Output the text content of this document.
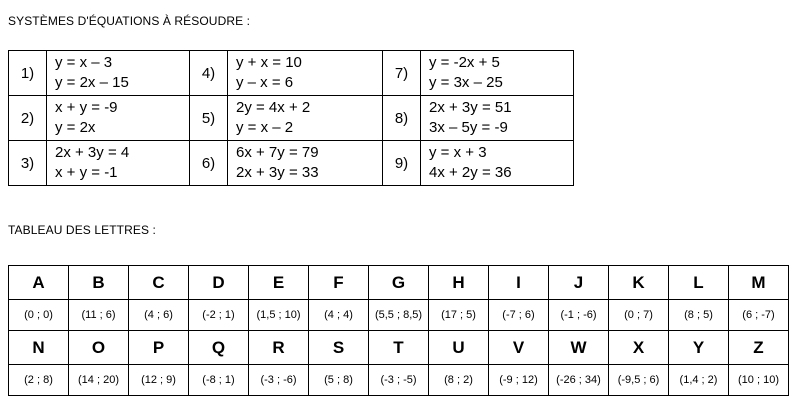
SYSTÈMES D'ÉQUATIONS À RÉSOUDRE :
1)	y = x – 3
y = 2x – 15	4)	y + x = 10
y – x = 6	7)	y = -2x + 5
y = 3x – 25

2)	x + y = -9
y = 2x	5)	2y = 4x + 2
y = x – 2	8)	2x + 3y = 51
3x – 5y = -9

3)	2x + 3y = 4
x + y = -1	6)	6x + 7y = 79
2x + 3y = 33	9)	y = x + 3
4x + 2y = 36
TABLEAU DES LETTRES :
A	B	C	D	E	F	G	H	I	J	K	L	M
(0 ; 0)	(11 ; 6)	(4 ; 6)	(-2 ; 1)	(1,5 ; 10)	(4 ; 4)	(5,5 ; 8,5)	(17 ; 5)	(-7 ; 6)	(-1 ; -6)	(0 ; 7)	(8 ; 5)	(6 ; -7)
N	O	P	Q	R	S	T	U	V	W	X	Y	Z
(2 ; 8)	(14 ; 20)	(12 ; 9)	(-8 ; 1)	(-3 ; -6)	(5 ; 8)	(-3 ; -5)	(8 ; 2)	(-9 ; 12)	(-26 ; 34)	(-9,5 ; 6)	(1,4 ; 2)	(10 ; 10)
